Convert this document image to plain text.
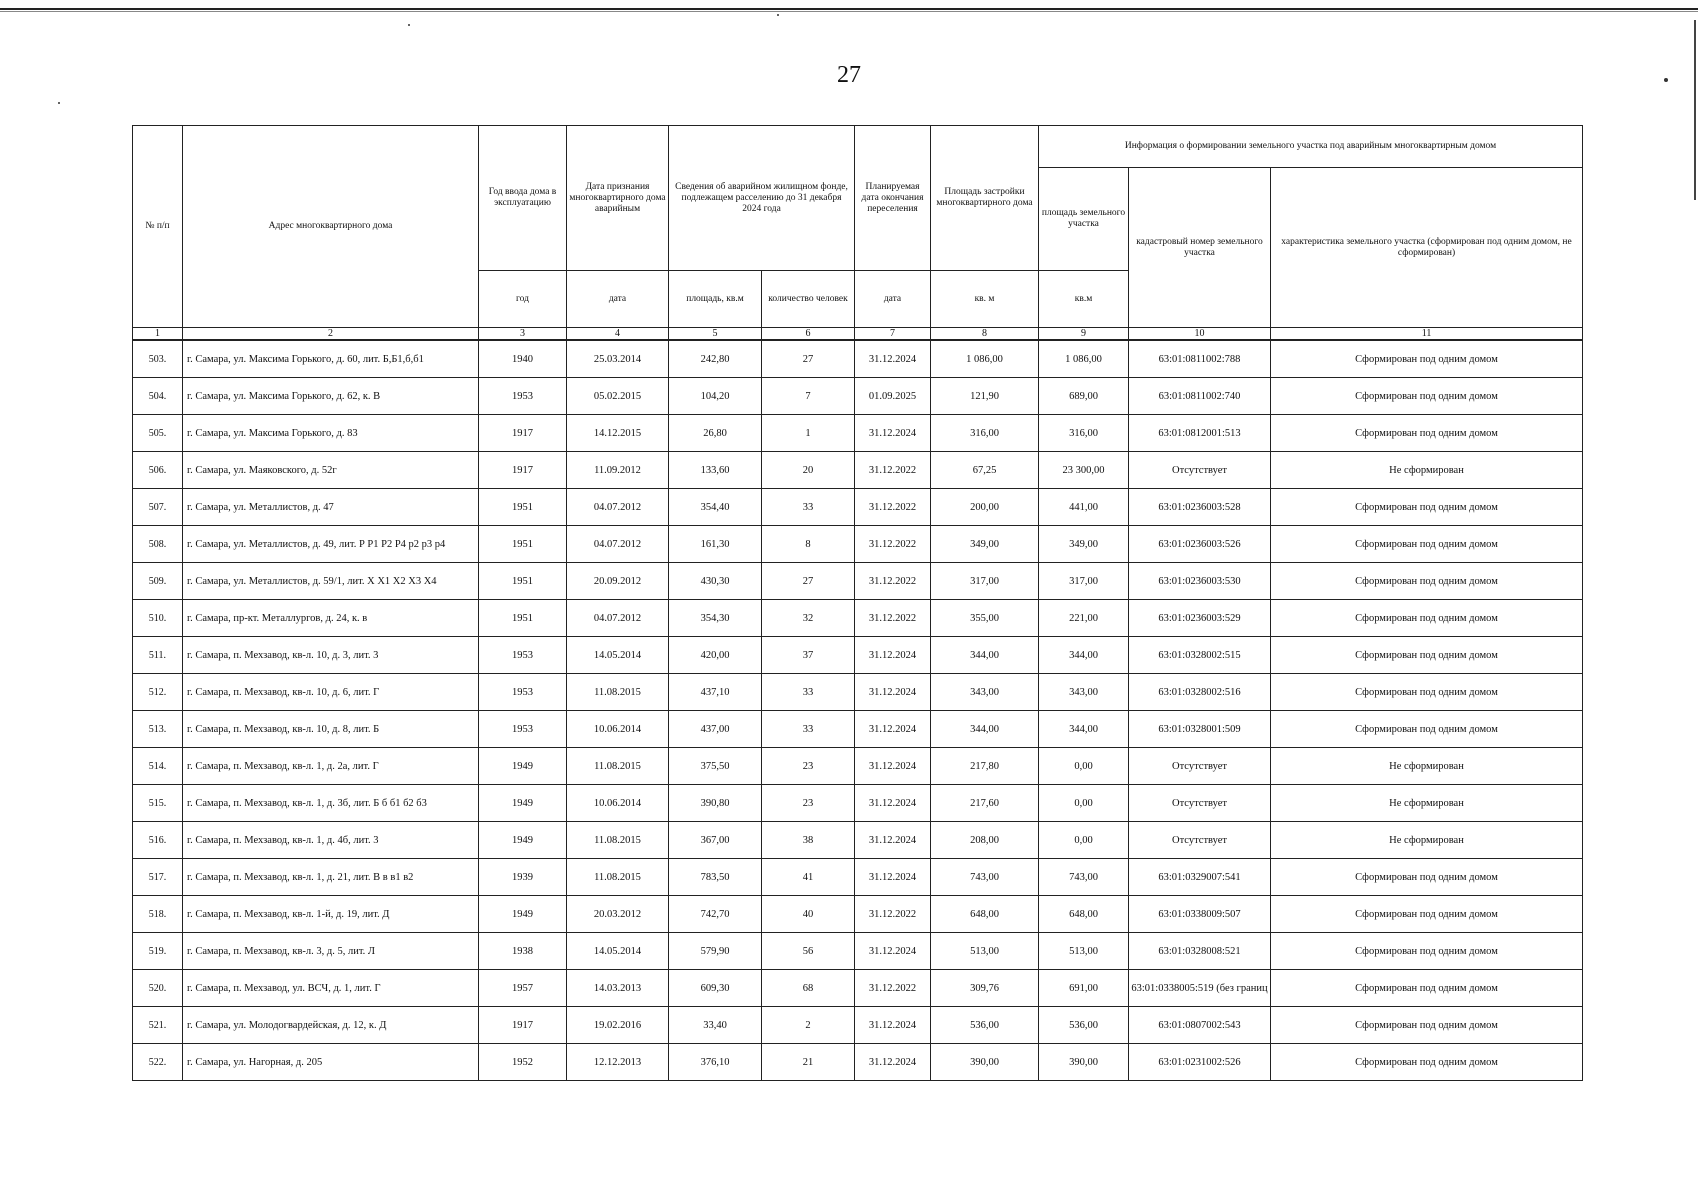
27
№ п/п	Адрес многоквартирного дома	Год ввода дома в эксплуатацию	Дата признания многоквартирного дома аварийным	Сведения об аварийном жилищном фонде, подлежащем расселению до 31 декабря 2024 года		Планируемая дата окончания переселения	Площадь застройки многоквартирного дома	Информация о формировании земельного участка под аварийным многоквартирным домом		
								площадь земельного участка	кадастровый номер земельного участка	характеристика земельного участка (сформирован под одним домом, не сформирован)
		год	дата	площадь, кв.м	количество человек	дата	кв. м	кв.м		
1	2	3	4	5	6	7	8	9	10	11
503.	г. Самара, ул. Максима Горького, д. 60, лит. Б,Б1,б,б1	1940	25.03.2014	242,80	27	31.12.2024	1 086,00	1 086,00	63:01:0811002:788	Сформирован под одним домом
504.	г. Самара, ул. Максима Горького, д. 62, к. В	1953	05.02.2015	104,20	7	01.09.2025	121,90	689,00	63:01:0811002:740	Сформирован под одним домом
505.	г. Самара, ул. Максима Горького, д. 83	1917	14.12.2015	26,80	1	31.12.2024	316,00	316,00	63:01:0812001:513	Сформирован под одним домом
506.	г. Самара, ул. Маяковского, д. 52г	1917	11.09.2012	133,60	20	31.12.2022	67,25	23 300,00	Отсутствует	Не сформирован
507.	г. Самара, ул. Металлистов, д. 47	1951	04.07.2012	354,40	33	31.12.2022	200,00	441,00	63:01:0236003:528	Сформирован под одним домом
508.	г. Самара, ул. Металлистов, д. 49, лит. Р Р1 Р2 Р4 р2 р3 р4	1951	04.07.2012	161,30	8	31.12.2022	349,00	349,00	63:01:0236003:526	Сформирован под одним домом
509.	г. Самара, ул. Металлистов, д. 59/1, лит. Х Х1 Х2 Х3 Х4	1951	20.09.2012	430,30	27	31.12.2022	317,00	317,00	63:01:0236003:530	Сформирован под одним домом
510.	г. Самара, пр-кт. Металлургов, д. 24, к. в	1951	04.07.2012	354,30	32	31.12.2022	355,00	221,00	63:01:0236003:529	Сформирован под одним домом
511.	г. Самара, п. Мехзавод, кв-л. 10, д. 3, лит. 3	1953	14.05.2014	420,00	37	31.12.2024	344,00	344,00	63:01:0328002:515	Сформирован под одним домом
512.	г. Самара, п. Мехзавод, кв-л. 10, д. 6, лит. Г	1953	11.08.2015	437,10	33	31.12.2024	343,00	343,00	63:01:0328002:516	Сформирован под одним домом
513.	г. Самара, п. Мехзавод, кв-л. 10, д. 8, лит. Б	1953	10.06.2014	437,00	33	31.12.2024	344,00	344,00	63:01:0328001:509	Сформирован под одним домом
514.	г. Самара, п. Мехзавод, кв-л. 1, д. 2а, лит. Г	1949	11.08.2015	375,50	23	31.12.2024	217,80	0,00	Отсутствует	Не сформирован
515.	г. Самара, п. Мехзавод, кв-л. 1, д. 3б, лит. Б б б1 б2 б3	1949	10.06.2014	390,80	23	31.12.2024	217,60	0,00	Отсутствует	Не сформирован
516.	г. Самара, п. Мехзавод, кв-л. 1, д. 4б, лит. 3	1949	11.08.2015	367,00	38	31.12.2024	208,00	0,00	Отсутствует	Не сформирован
517.	г. Самара, п. Мехзавод, кв-л. 1, д. 21, лит. В в в1 в2	1939	11.08.2015	783,50	41	31.12.2024	743,00	743,00	63:01:0329007:541	Сформирован под одним домом
518.	г. Самара, п. Мехзавод, кв-л. 1-й, д. 19, лит. Д	1949	20.03.2012	742,70	40	31.12.2022	648,00	648,00	63:01:0338009:507	Сформирован под одним домом
519.	г. Самара, п. Мехзавод, кв-л. 3, д. 5, лит. Л	1938	14.05.2014	579,90	56	31.12.2024	513,00	513,00	63:01:0328008:521	Сформирован под одним домом
520.	г. Самара, п. Мехзавод, ул. ВСЧ, д. 1, лит. Г	1957	14.03.2013	609,30	68	31.12.2022	309,76	691,00	63:01:0338005:519 (без границ	Сформирован под одним домом
521.	г. Самара, ул. Молодогвардейская, д. 12, к. Д	1917	19.02.2016	33,40	2	31.12.2024	536,00	536,00	63:01:0807002:543	Сформирован под одним домом
522.	г. Самара, ул. Нагорная, д. 205	1952	12.12.2013	376,10	21	31.12.2024	390,00	390,00	63:01:0231002:526	Сформирован под одним домом
